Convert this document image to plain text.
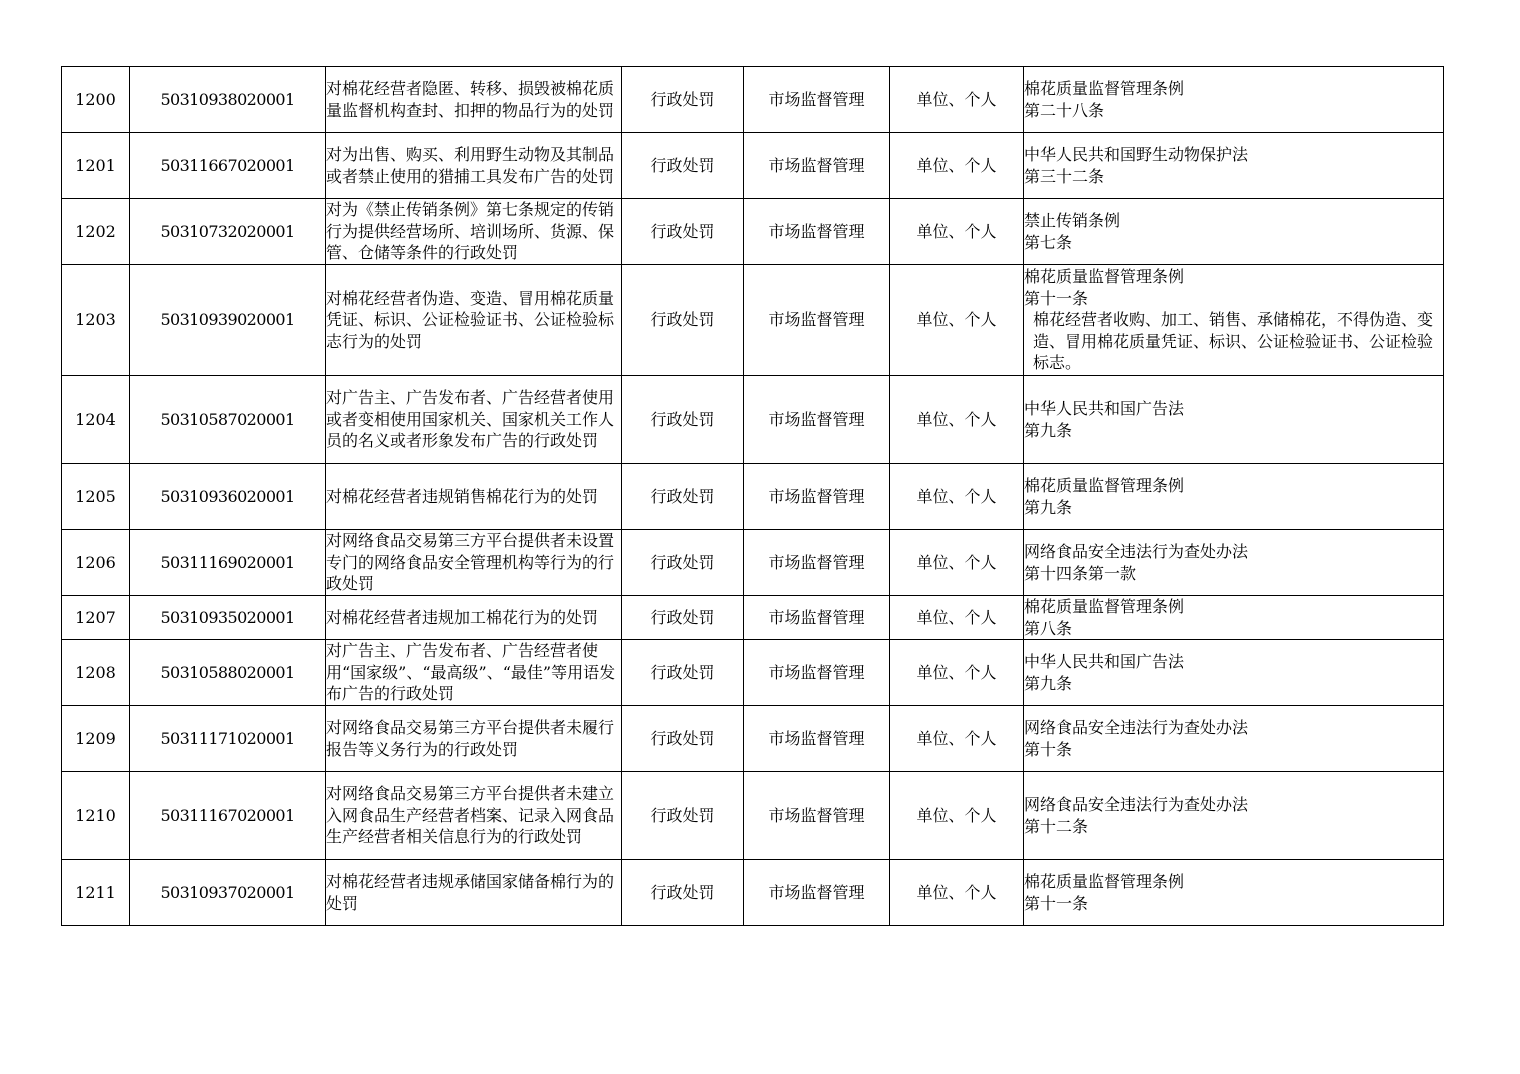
1200	50310938020001	对棉花经营者隐匿、转移、损毁被棉花质量监督机构查封、扣押的物品行为的处罚	行政处罚	市场监督管理	单位、个人	棉花质量监督管理条例
第二十八条

1201	50311667020001	对为出售、购买、利用野生动物及其制品或者禁止使用的猎捕工具发布广告的处罚	行政处罚	市场监督管理	单位、个人	中华人民共和国野生动物保护法
第三十二条

1202	50310732020001	对为《禁止传销条例》第七条规定的传销行为提供经营场所、培训场所、货源、保管、仓储等条件的行政处罚	行政处罚	市场监督管理	单位、个人	禁止传销条例
第七条

1203	50310939020001	对棉花经营者伪造、变造、冒用棉花质量凭证、标识、公证检验证书、公证检验标志行为的处罚	行政处罚	市场监督管理	单位、个人	棉花质量监督管理条例
第十一条
棉花经营者收购、加工、销售、承储棉花，不得伪造、变造、冒用棉花质量凭证、标识、公证检验证书、公证检验标志。

1204	50310587020001	对广告主、广告发布者、广告经营者使用或者变相使用国家机关、国家机关工作人员的名义或者形象发布广告的行政处罚	行政处罚	市场监督管理	单位、个人	中华人民共和国广告法
第九条

1205	50310936020001	对棉花经营者违规销售棉花行为的处罚	行政处罚	市场监督管理	单位、个人	棉花质量监督管理条例
第九条

1206	50311169020001	对网络食品交易第三方平台提供者未设置专门的网络食品安全管理机构等行为的行政处罚	行政处罚	市场监督管理	单位、个人	网络食品安全违法行为查处办法
第十四条第一款

1207	50310935020001	对棉花经营者违规加工棉花行为的处罚	行政处罚	市场监督管理	单位、个人	棉花质量监督管理条例
第八条

1208	50310588020001	对广告主、广告发布者、广告经营者使用“国家级”、“最高级”、“最佳”等用语发布广告的行政处罚	行政处罚	市场监督管理	单位、个人	中华人民共和国广告法
第九条

1209	50311171020001	对网络食品交易第三方平台提供者未履行报告等义务行为的行政处罚	行政处罚	市场监督管理	单位、个人	网络食品安全违法行为查处办法
第十条

1210	50311167020001	对网络食品交易第三方平台提供者未建立入网食品生产经营者档案、记录入网食品生产经营者相关信息行为的行政处罚	行政处罚	市场监督管理	单位、个人	网络食品安全违法行为查处办法
第十二条

1211	50310937020001	对棉花经营者违规承储国家储备棉行为的处罚	行政处罚	市场监督管理	单位、个人	棉花质量监督管理条例
第十一条
